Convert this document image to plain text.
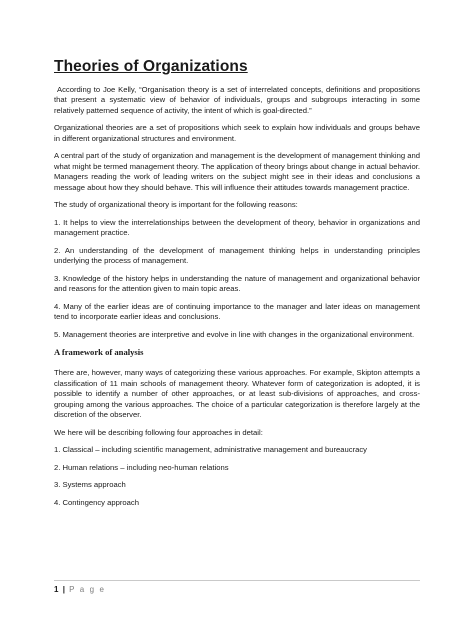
Theories of Organizations

According to Joe Kelly, “Organisation theory is a set of interrelated concepts, definitions and propositions that present a systematic view of behavior of individuals, groups and subgroups interacting in some relatively patterned sequence of activity, the intent of which is goal-directed.”

Organizational theories are a set of propositions which seek to explain how individuals and groups behave in different organizational structures and environment.

A central part of the study of organization and management is the development of management thinking and what might be termed management theory. The application of theory brings about change in actual behavior. Managers reading the work of leading writers on the subject might see in their ideas and conclusions a message about how they should behave. This will influence their attitudes towards management practice.

The study of organizational theory is important for the following reasons:

1. It helps to view the interrelationships between the development of theory, behavior in organizations and management practice.

2. An understanding of the development of management thinking helps in understanding principles underlying the process of management.

3. Knowledge of the history helps in understanding the nature of management and organizational behavior and reasons for the attention given to main topic areas.

4. Many of the earlier ideas are of continuing importance to the manager and later ideas on management tend to incorporate earlier ideas and conclusions.

5. Management theories are interpretive and evolve in line with changes in the organizational environment.

A framework of analysis

There are, however, many ways of categorizing these various approaches. For example, Skipton attempts a classification of 11 main schools of management theory. Whatever form of categorization is adopted, it is possible to identify a number of other approaches, or at least sub-divisions of approaches, and cross-grouping among the various approaches. The choice of a particular categorization is therefore largely at the discretion of the observer.

We here will be describing following four approaches in detail:

1. Classical – including scientific management, administrative management and bureaucracy

2. Human relations – including neo-human relations

3. Systems approach

4. Contingency approach

1 | P a g e
